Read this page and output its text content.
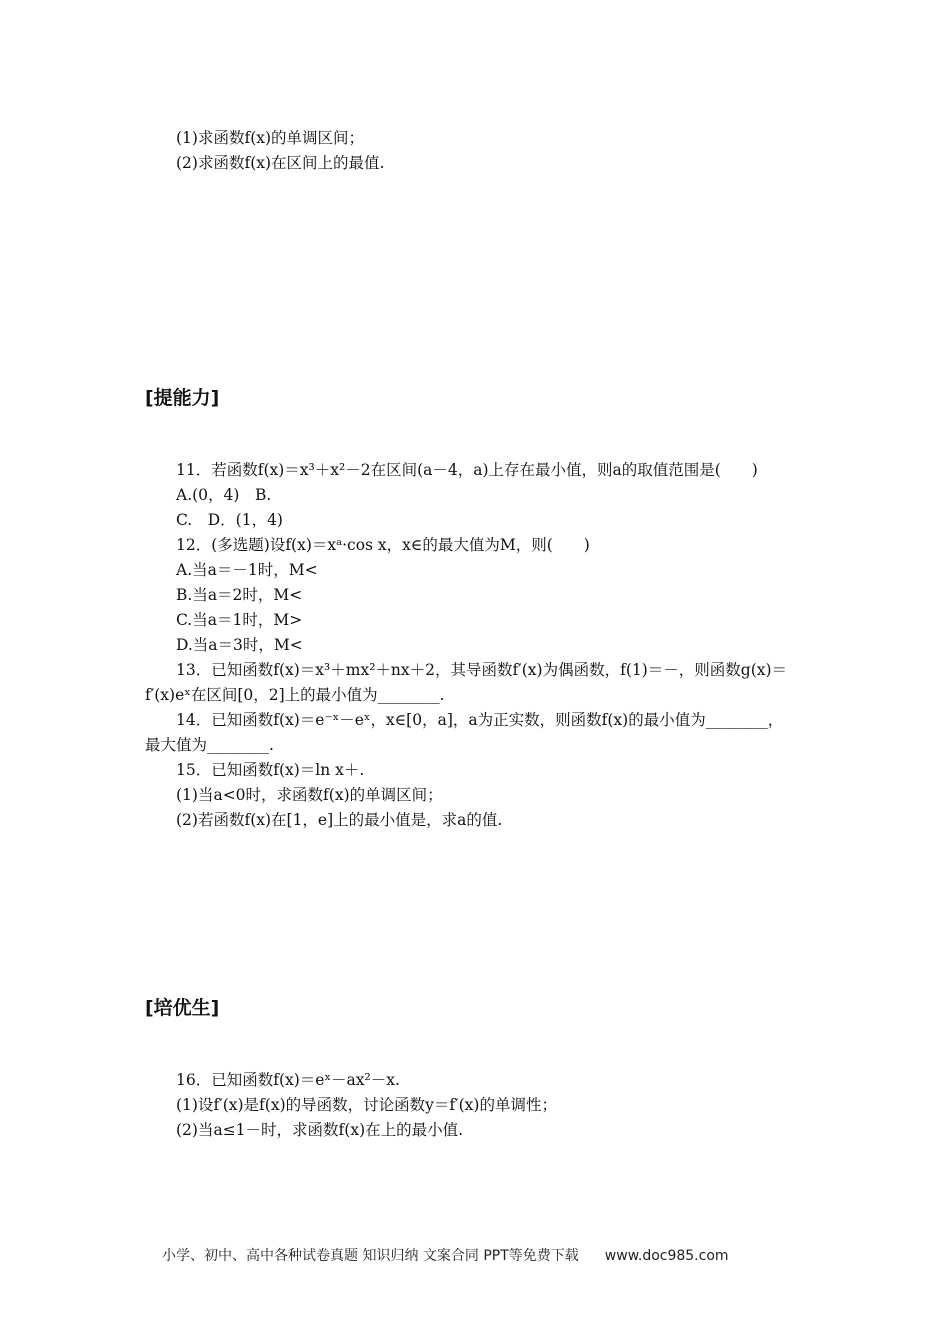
(1)求函数f(x)的单调区间；
(2)求函数f(x)在区间上的最值.
[提能力]
11．若函数f(x)＝x³＋x²－2在区间(a－4，a)上存在最小值，则a的取值范围是(　　)
A.(0，4)　B.
C.　D．(1，4)
12．(多选题)设f(x)＝xᵃ·cos x，x∈的最大值为M，则(　　)
A.当a＝－1时，M<
B.当a＝2时，M<
C.当a＝1时，M>
D.当a＝3时，M<
13．已知函数f(x)＝x³＋mx²＋nx＋2，其导函数f′(x)为偶函数，f(1)＝－，则函数g(x)＝
f′(x)eˣ在区间[0，2]上的最小值为________.
14．已知函数f(x)＝e⁻ˣ－eˣ，x∈[0，a]，a为正实数，则函数f(x)的最小值为________，
最大值为________.
15．已知函数f(x)＝ln x＋.
(1)当a<0时，求函数f(x)的单调区间；
(2)若函数f(x)在[1，e]上的最小值是，求a的值.
[培优生]
16．已知函数f(x)＝eˣ－ax²－x.
(1)设f′(x)是f(x)的导函数，讨论函数y＝f′(x)的单调性；
(2)当a≤1－时，求函数f(x)在上的最小值.
小学、初中、高中各种试卷真题 知识归纳 文案合同 PPT等免费下载 www.doc985.com
